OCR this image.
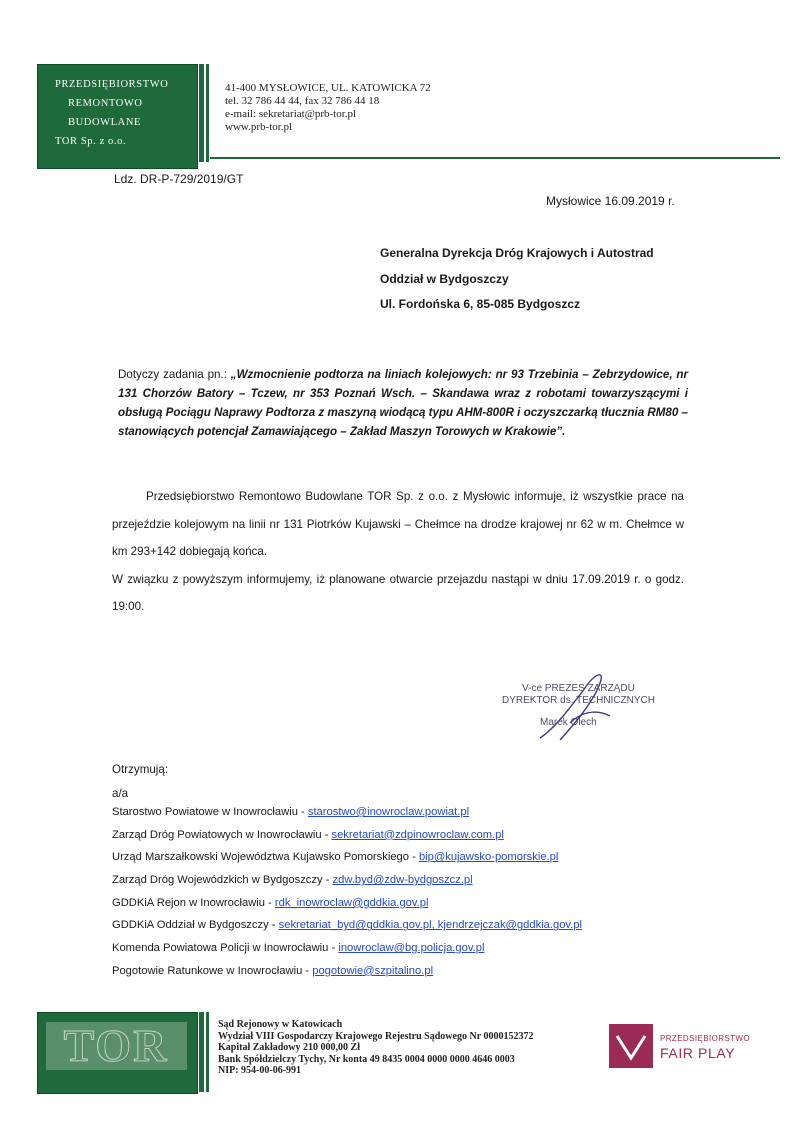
PRZEDSIĘBIORSTWO
REMONTOWO
BUDOWLANE
TOR Sp. z o.o.
41-400 MYSŁOWICE, UL. KATOWICKA 72
tel. 32 786 44 44, fax 32 786 44 18
e-mail: sekretariat@prb-tor.pl
www.prb-tor.pl
Ldz. DR-P-729/2019/GT
Mysłowice 16.09.2019 r.
Generalna Dyrekcja Dróg Krajowych i Autostrad
Oddział w Bydgoszczy
Ul. Fordońska 6, 85-085 Bydgoszcz
Dotyczy zadania pn.: „Wzmocnienie podtorza na liniach kolejowych: nr 93 Trzebinia – Zebrzydowice, nr 131 Chorzów Batory – Tczew, nr 353 Poznań Wsch. – Skandawa wraz z robotami towarzyszącymi i obsługą Pociągu Naprawy Podtorza z maszyną wiodącą typu AHM-800R i oczyszczarką tłucznia RM80 – stanowiących potencjał Zamawiającego – Zakład Maszyn Torowych w Krakowie”.

Przedsiębiorstwo Remontowo Budowlane TOR Sp. z o.o. z Mysłowic informuje, iż wszystkie prace na przejeździe kolejowym na linii nr 131 Piotrków Kujawski – Chełmce na drodze krajowej nr 62 w m. Chełmce w km 293+142 dobiegają końca.

W związku z powyższym informujemy, iż planowane otwarcie przejazdu nastąpi w dniu 17.09.2019 r. o godz. 19:00.

V-ce PREZES ZARZĄDU
DYREKTOR ds. TECHNICZNYCH
Marek Olech
Otrzymują:
a/a
Starostwo Powiatowe w Inowrocławiu - starostwo@inowroclaw.powiat.pl
Zarząd Dróg Powiatowych w Inowrocławiu - sekretariat@zdpinowroclaw.com.pl
Urząd Marszałkowski Województwa Kujawsko Pomorskiego - bip@kujawsko-pomorskie.pl
Zarząd Dróg Wojewódzkich w Bydgoszczy - zdw.byd@zdw-bydgoszcz.pl
GDDKiA Rejon w Inowrocławiu - rdk_inowroclaw@gddkia.gov.pl
GDDKiA Oddział w Bydgoszczy - sekretariat_byd@gddkia.gov.pl, kjendrzejczak@gddkia.gov.pl
Komenda Powiatowa Policji w Inowrocławiu - inowroclaw@bg.policja.gov.pl
Pogotowie Ratunkowe w Inowrocławiu - pogotowie@szpitalino.pl
TOR	Sąd Rejonowy w Katowicach
Wydział VIII Gospodarczy Krajowego Rejestru Sądowego Nr 0000152372
Kapitał Zakładowy 210 000,00 Zł
Bank Spółdzielczy Tychy, Nr konta 49 8435 0004 0000 0000 4646 0003
NIP: 954-00-06-991
PRZEDSIĘBIORSTWO
FAIR PLAY
